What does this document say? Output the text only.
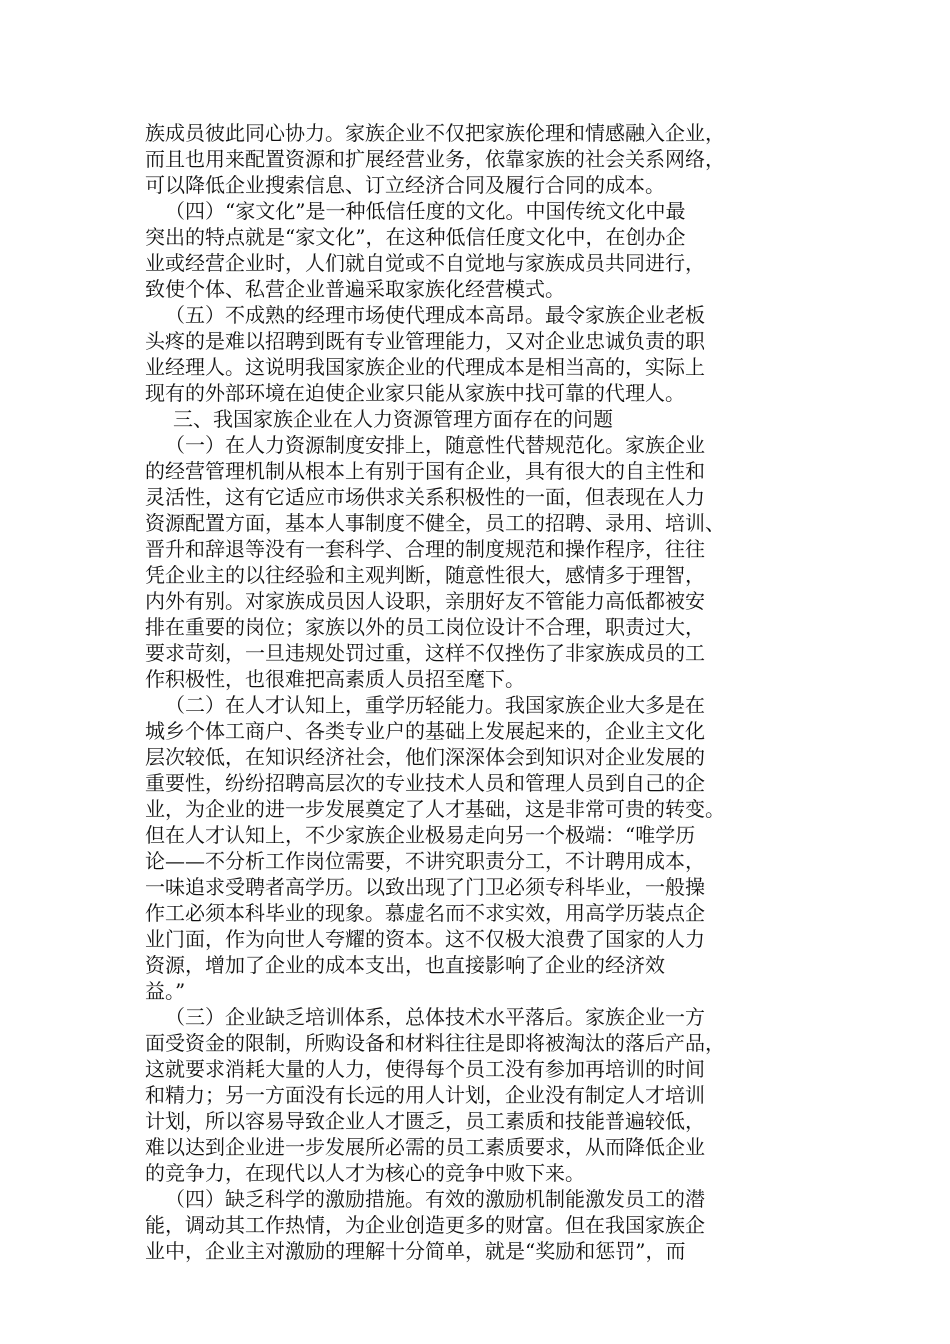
族成员彼此同心协力。家族企业不仅把家族伦理和情感融入企业，
而且也用来配置资源和扩展经营业务，依靠家族的社会关系网络，
可以降低企业搜索信息、订立经济合同及履行合同的成本。
（四）“家文化”是一种低信任度的文化。中国传统文化中最
突出的特点就是“家文化”，在这种低信任度文化中，在创办企
业或经营企业时，人们就自觉或不自觉地与家族成员共同进行，
致使个体、私营企业普遍采取家族化经营模式。
（五）不成熟的经理市场使代理成本高昂。最令家族企业老板
头疼的是难以招聘到既有专业管理能力，又对企业忠诚负责的职
业经理人。这说明我国家族企业的代理成本是相当高的，实际上
现有的外部环境在迫使企业家只能从家族中找可靠的代理人。
三、我国家族企业在人力资源管理方面存在的问题
（一）在人力资源制度安排上，随意性代替规范化。家族企业
的经营管理机制从根本上有别于国有企业，具有很大的自主性和
灵活性，这有它适应市场供求关系积极性的一面，但表现在人力
资源配置方面，基本人事制度不健全，员工的招聘、录用、培训、
晋升和辞退等没有一套科学、合理的制度规范和操作程序，往往
凭企业主的以往经验和主观判断，随意性很大，感情多于理智，
内外有别。对家族成员因人设职，亲朋好友不管能力高低都被安
排在重要的岗位；家族以外的员工岗位设计不合理，职责过大，
要求苛刻，一旦违规处罚过重，这样不仅挫伤了非家族成员的工
作积极性，也很难把高素质人员招至麾下。
（二）在人才认知上，重学历轻能力。我国家族企业大多是在
城乡个体工商户、各类专业户的基础上发展起来的，企业主文化
层次较低，在知识经济社会，他们深深体会到知识对企业发展的
重要性，纷纷招聘高层次的专业技术人员和管理人员到自己的企
业，为企业的进一步发展奠定了人才基础，这是非常可贵的转变。
但在人才认知上，不少家族企业极易走向另一个极端：“唯学历
论——不分析工作岗位需要，不讲究职责分工，不计聘用成本，
一味追求受聘者高学历。以致出现了门卫必须专科毕业，一般操
作工必须本科毕业的现象。慕虚名而不求实效，用高学历装点企
业门面，作为向世人夸耀的资本。这不仅极大浪费了国家的人力
资源，增加了企业的成本支出，也直接影响了企业的经济效
益。”
（三）企业缺乏培训体系，总体技术水平落后。家族企业一方
面受资金的限制，所购设备和材料往往是即将被淘汰的落后产品，
这就要求消耗大量的人力，使得每个员工没有参加再培训的时间
和精力；另一方面没有长远的用人计划，企业没有制定人才培训
计划，所以容易导致企业人才匮乏，员工素质和技能普遍较低，
难以达到企业进一步发展所必需的员工素质要求，从而降低企业
的竞争力，在现代以人才为核心的竞争中败下来。
（四）缺乏科学的激励措施。有效的激励机制能激发员工的潜
能，调动其工作热情，为企业创造更多的财富。但在我国家族企
业中，企业主对激励的理解十分简单，就是“奖励和惩罚”，而
